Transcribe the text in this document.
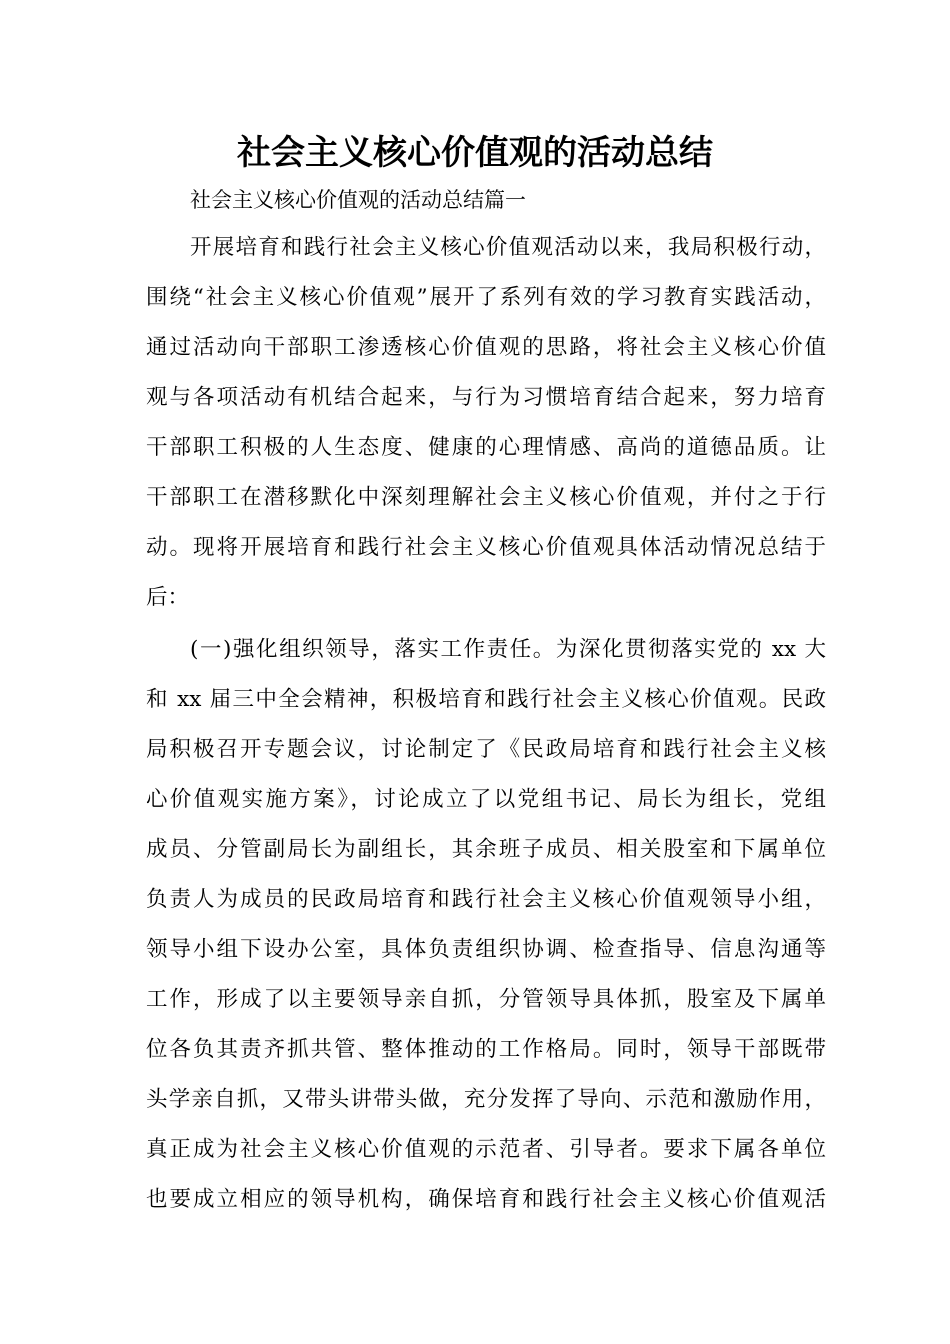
社会主义核心价值观的活动总结

社会主义核心价值观的活动总结篇一

开展培育和践行社会主义核心价值观活动以来，我局积极行动，
围绕“社会主义核心价值观”展开了系列有效的学习教育实践活动，
通过活动向干部职工渗透核心价值观的思路，将社会主义核心价值
观与各项活动有机结合起来，与行为习惯培育结合起来，努力培育
干部职工积极的人生态度、健康的心理情感、高尚的道德品质。让
干部职工在潜移默化中深刻理解社会主义核心价值观，并付之于行
动。现将开展培育和践行社会主义核心价值观具体活动情况总结于
后：
(一)强化组织领导，落实工作责任。为深化贯彻落实党的 xx 大
和 xx 届三中全会精神，积极培育和践行社会主义核心价值观。民政
局积极召开专题会议，讨论制定了《民政局培育和践行社会主义核
心价值观实施方案》，讨论成立了以党组书记、局长为组长，党组
成员、分管副局长为副组长，其余班子成员、相关股室和下属单位
负责人为成员的民政局培育和践行社会主义核心价值观领导小组，
领导小组下设办公室，具体负责组织协调、检查指导、信息沟通等
工作，形成了以主要领导亲自抓，分管领导具体抓，股室及下属单
位各负其责齐抓共管、整体推动的工作格局。同时，领导干部既带
头学亲自抓，又带头讲带头做，充分发挥了导向、示范和激励作用，
真正成为社会主义核心价值观的示范者、引导者。要求下属各单位
也要成立相应的领导机构，确保培育和践行社会主义核心价值观活
